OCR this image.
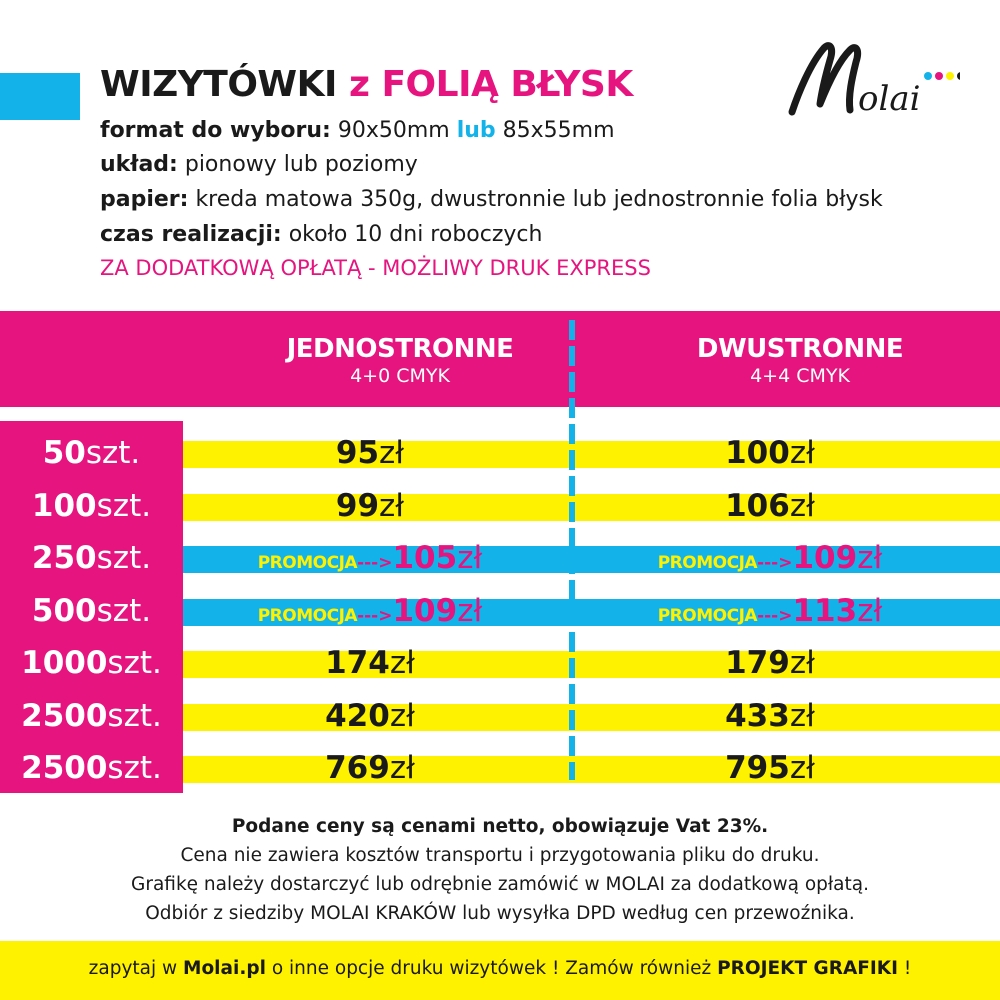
WIZYTÓWKI z FOLIĄ BŁYSK
format do wyboru: 90x50mm lub 85x55mm
układ: pionowy lub poziomy
papier: kreda matowa 350g, dwustronnie lub jednostronnie folia błysk
czas realizacji: około 10 dni roboczych
ZA DODATKOWĄ OPŁATĄ - MOŻLIWY DRUK EXPRESS
olai
JEDNOSTRONNE
4+0 CMYK
DWUSTRONNE
4+4 CMYK
50szt.	95zł	100zł
100szt.	99zł	106zł
250szt.	PROMOCJA--->105zł	PROMOCJA--->109zł
500szt.	PROMOCJA--->109zł	PROMOCJA--->113zł
1000szt.	174zł	179zł
2500szt.	420zł	433zł
2500szt.	769zł	795zł
Podane ceny są cenami netto, obowiązuje Vat 23%.
Cena nie zawiera kosztów transportu i przygotowania pliku do druku.
Grafikę należy dostarczyć lub odrębnie zamówić w MOLAI za dodatkową opłatą.
Odbiór z siedziby MOLAI KRAKÓW lub wysyłka DPD według cen przewoźnika.
zapytaj w Molai.pl o inne opcje druku wizytówek ! Zamów również PROJEKT GRAFIKI !
